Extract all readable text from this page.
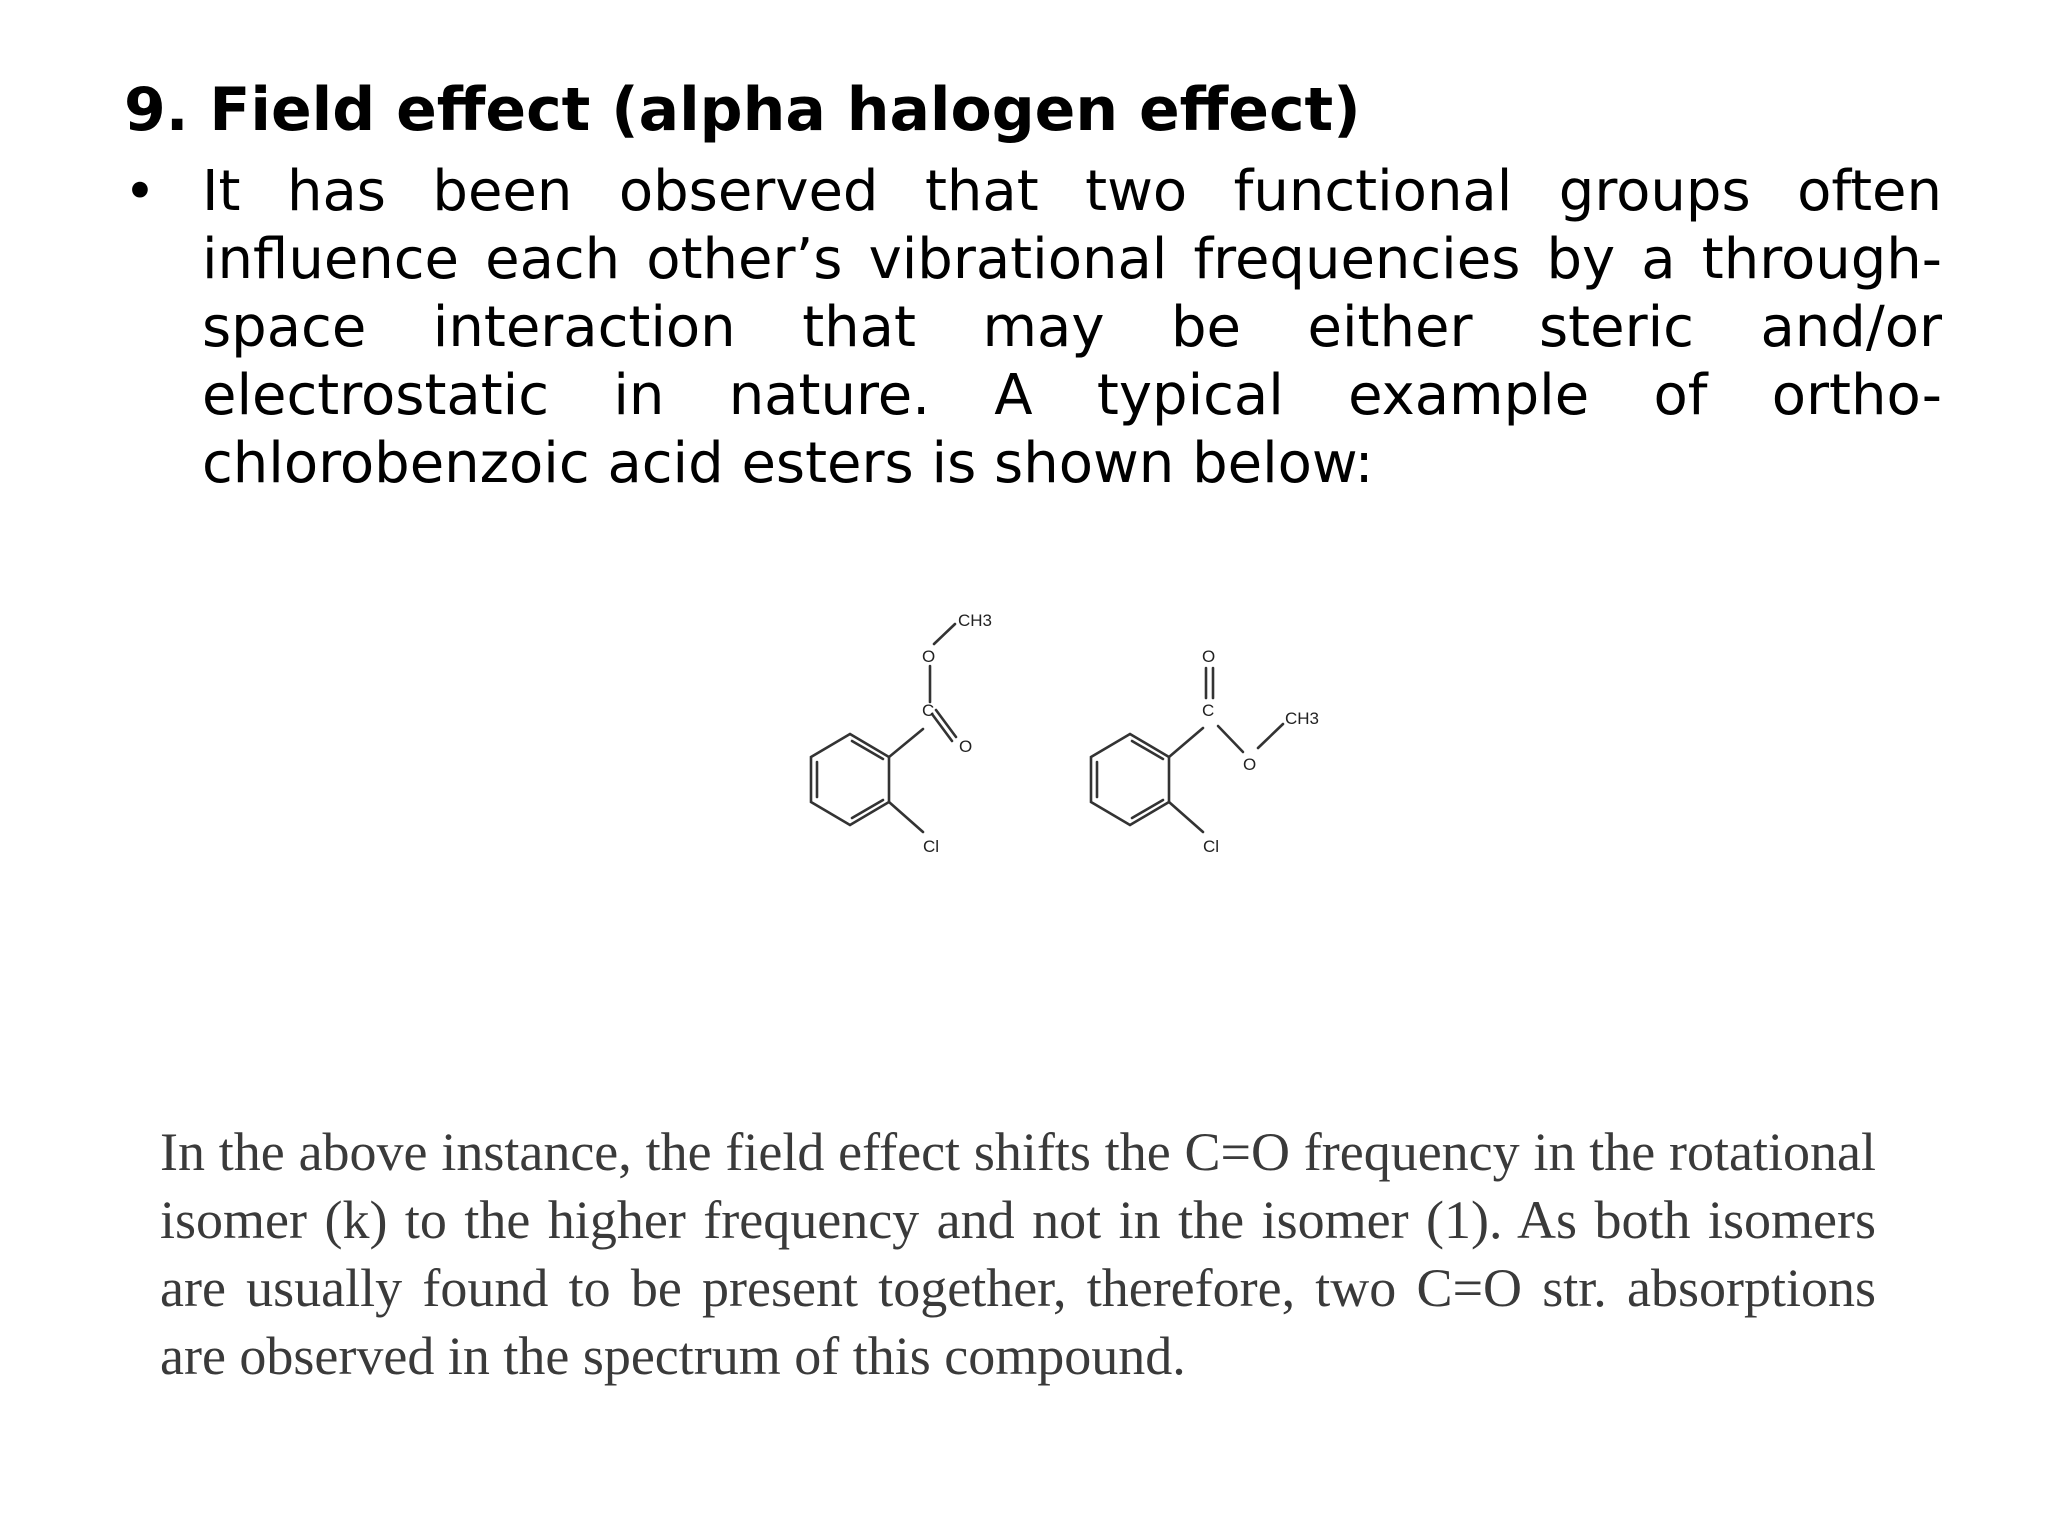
9. Field effect (alpha halogen effect)
• It has been observed that two functional groups often influence each other’s vibrational frequencies by a through-space interaction that may be either steric and/or electrostatic in nature. A typical example of ortho-chlorobenzoic acid esters is shown below:

C
O
O
CH3
Cl
C
O
O
CH3
Cl

In the above instance, the field effect shifts the C=O frequency in the rotational isomer (k) to the higher frequency and not in the isomer (1). As both isomers are usually found to be present together, therefore, two C=O str. absorptions are observed in the spectrum of this compound.
